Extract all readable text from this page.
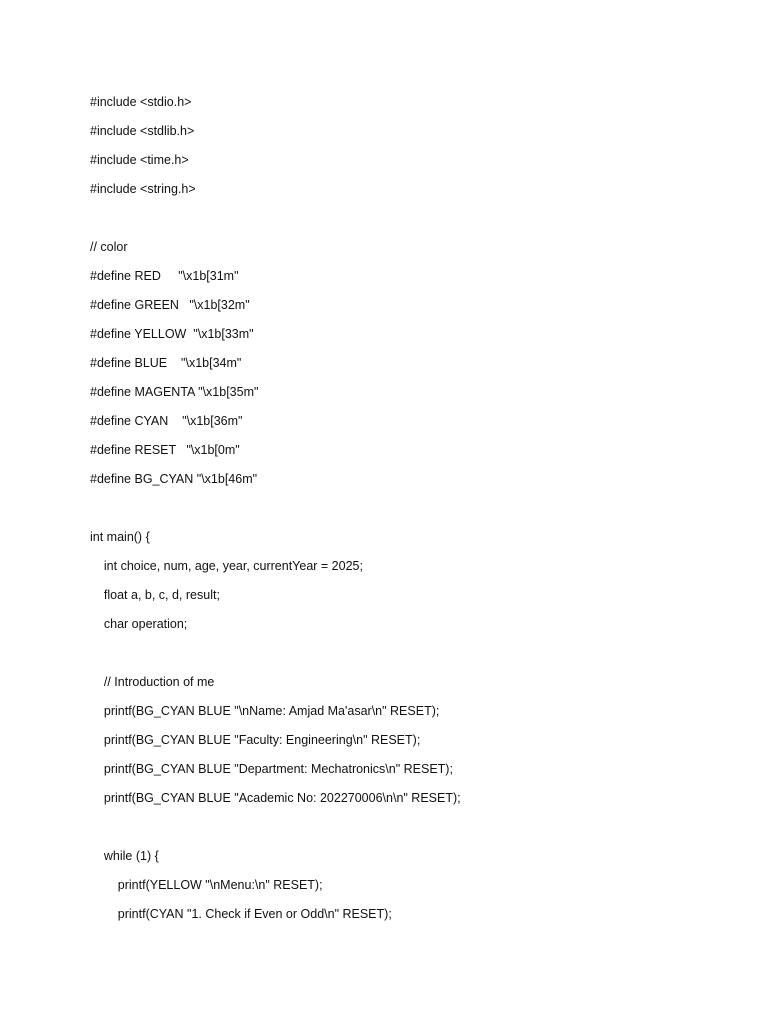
#include <stdio.h>
#include <stdlib.h>
#include <time.h>
#include <string.h>
// color
#define RED     "\x1b[31m"
#define GREEN   "\x1b[32m"
#define YELLOW  "\x1b[33m"
#define BLUE    "\x1b[34m"
#define MAGENTA "\x1b[35m"
#define CYAN    "\x1b[36m"
#define RESET   "\x1b[0m"
#define BG_CYAN "\x1b[46m"
int main() {
int choice, num, age, year, currentYear = 2025;
float a, b, c, d, result;
char operation;
// Introduction of me
printf(BG_CYAN BLUE "\nName: Amjad Ma'asar\n" RESET);
printf(BG_CYAN BLUE "Faculty: Engineering\n" RESET);
printf(BG_CYAN BLUE "Department: Mechatronics\n" RESET);
printf(BG_CYAN BLUE "Academic No: 202270006\n\n" RESET);
while (1) {
printf(YELLOW "\nMenu:\n" RESET);
printf(CYAN "1. Check if Even or Odd\n" RESET);
